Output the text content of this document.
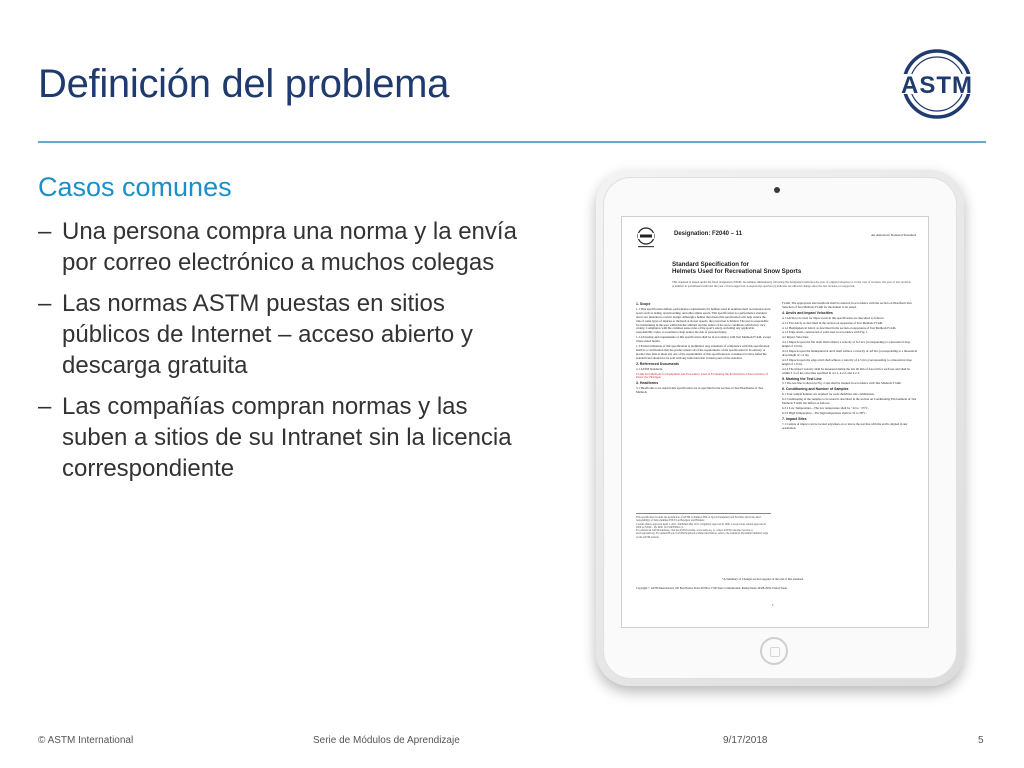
Definición del problema	ASTM
Casos comunes
– Una persona compra una norma y la envía por correo electrónico a muchos colegas
– Las normas ASTM puestas en sitios públicos de Internet – acceso abierto y descarga gratuita
– Las compañías compran normas y las suben a sitios de su Intranet sin la licencia correspondiente
Designation: F2040 – 11	An American National Standard
Standard Specification for
Helmets Used for Recreational Snow Sports
This standard is issued under the fixed designation F2040; the number immediately following the designation indicates the year of original adoption or, in the case of revision, the year of last revision. A number in parentheses indicates the year of last reapproval. A superscript epsilon (ε) indicates an editorial change since the last revision or reapproval.
1. Scope
1.1 This specification defines performance requirements for helmets used in nonmotorized recreational snow sports such as skiing, snowboarding, and other alpine sports. This specification is a performance standard and is not intended to restrict design. Although a helmet that meets this specification will help reduce the risk of some types of injuries to the head at slower speeds, the protection is limited. The user is responsible for maintaining in the user within his/her abilities and the nature of the snow conditions which may vary widely. Compliance with the common sense rules of the sport's safety, including any applicable responsibility codes, is essential to help reduce the risk of personal injury.
1.2 All testing and requirements of this specification shall be in accordance with Test Methods F1446, except where noted herein.
1.3 Partial utilization of this specification is prohibited. Any statement of compliance with this specification shall be a certification that the product meets all of the requirements of the specification in its entirety. A product that fails to meet any one of the requirements of this specification is considered to have failed the standard and should not be sold with any indication that it meets parts of the standard.
2. Referenced Documents
2.1 ASTM Standards:
F1446 Test Methods for Equipment and Procedures Used in Evaluating the Performance Characteristics of Protective Headgear
3. Headforms
3.1 Headforms to be used in this specification are as specified in the section on Test Headforms of Test Methods
F1446. The appropriate size headform shall be selected in accordance with the section on Headform Size Selection of Test Methods F1446 for the helmet to be tested.
4. Anvils and Impact Velocities
4.1 Anvils to be used for impact tests in this specification are described as follows:
4.1.1 Flat Anvil, as described in the section on Apparatus of Test Methods F1446.
4.1.2 Hemispherical Anvil, as described in the section on Apparatus of Test Methods F1446.
4.1.3 Edge Anvil, constructed of solid steel in accordance with Fig. 1.
4.2 Impact Velocities:
4.2.1 Impacts upon the flat anvil shall achieve a velocity of 6.2 m/s (corresponding to a theoretical drop height of 2.0 m).
4.2.2 Impacts upon the hemispherical anvil shall achieve a velocity of 4.8 m/s (corresponding to a theoretical drop height of 1.2 m).
4.2.3 Impacts upon the edge anvil shall achieve a velocity of 4.5 m/s (corresponding to a theoretical drop height of 1.0 m).
4.2.4 The impact velocity shall be measured during the last 40 mm of free-fall for each test and shall be within 3 % of the velocities specified in 4.2.1, 4.2.2, and 4.2.3.
5. Marking the Test Line
5.1 The test line is shown in Fig. 2 and shall be marked in accordance with Test Methods F1446.
6. Conditioning and Number of Samples
6.1 Four sample helmets are required for each shell/liner size combination.
6.2 Conditioning of the samples to be tested is described in the section on Conditioning Environment of Test Methods F1446, but differs as follows:
6.2.1 Low Temperature—The low temperature shall be −22 to −25°C.
6.2.2 High Temperature—The high temperature shall be 32 to 38°C.
7. Impact Sites
7.1 Centers of impact can be located anywhere on or above the test line with the anvils aligned in any orientation.
This specification is under the jurisdiction of ASTM Committee F08 on Sports Equipment and Facilities and is the direct responsibility of Subcommittee F08.53 on Headgear and Helmets.
Current edition approved April 1, 2011. Published May 2011. Originally approved in 2000. Last previous edition approved in 2006 as F2040 – 06. DOI: 10.1520/F2040-11.
For referenced ASTM standards, visit the ASTM website, www.astm.org, or contact ASTM Customer Service at service@astm.org. For Annual Book of ASTM Standards volume information, refer to the standard's Document Summary page on the ASTM website.
*A Summary of Changes section appears at the end of this standard.
Copyright © ASTM International, 100 Barr Harbor Drive PO Box C700 West Conshohocken, Pennsylvania 19428-2959, United States
1
© ASTM International	Serie de Módulos de Aprendizaje	9/17/2018	5
